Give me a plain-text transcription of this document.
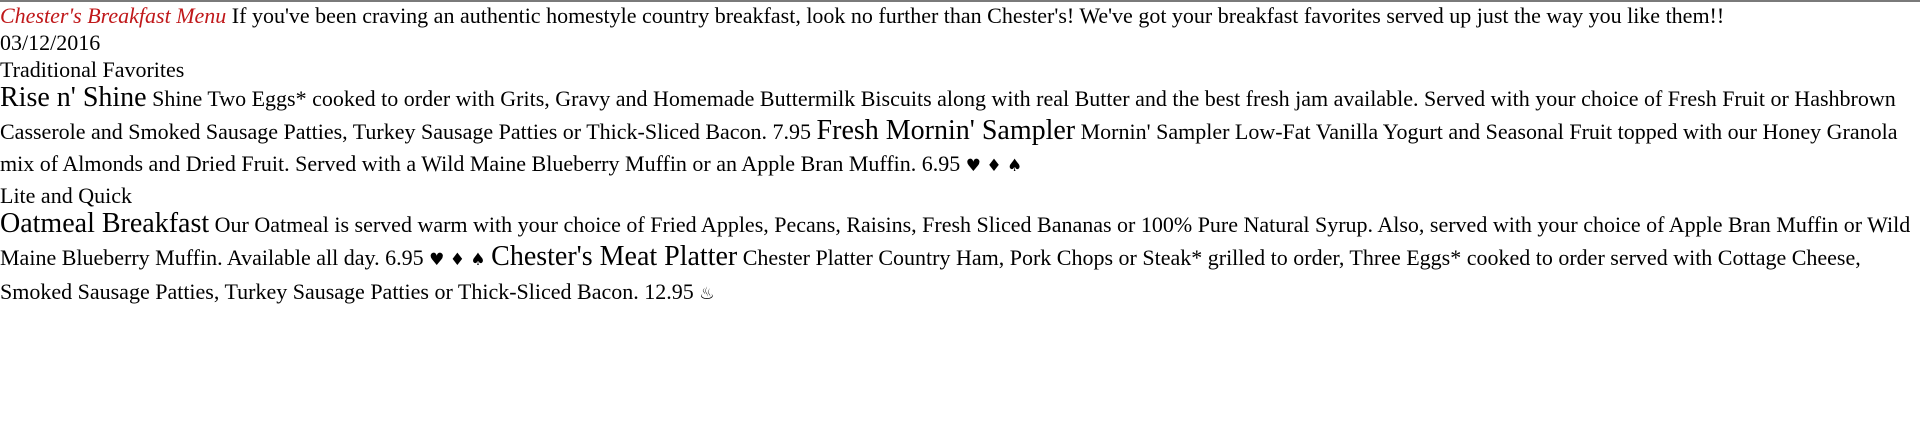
Chester's Breakfast Menu If you've been craving an authentic homestyle country breakfast, look no further than Chester's! We've got your breakfast favorites served up just the way you like them!!
03/12/2016
Traditional Favorites
Rise n' Shine Shine Two Eggs* cooked to order with Grits, Gravy and Homemade Buttermilk Biscuits along with real Butter and the best fresh jam available. Served with your choice of Fresh Fruit or Hashbrown Casserole and Smoked Sausage Patties, Turkey Sausage Patties or Thick-Sliced Bacon. 7.95 Fresh Mornin' Sampler Mornin' Sampler Low-Fat Vanilla Yogurt and Seasonal Fruit topped with our Honey Granola mix of Almonds and Dried Fruit. Served with a Wild Maine Blueberry Muffin or an Apple Bran Muffin. 6.95 ♥ ♦ ♠
Lite and Quick
Oatmeal Breakfast Our Oatmeal is served warm with your choice of Fried Apples, Pecans, Raisins, Fresh Sliced Bananas or 100% Pure Natural Syrup. Also, served with your choice of Apple Bran Muffin or Wild Maine Blueberry Muffin. Available all day. 6.95 ♥ ♦ ♠ Chester's Meat Platter Chester Platter Country Ham, Pork Chops or Steak* grilled to order, Three Eggs* cooked to order served with Cottage Cheese, Smoked Sausage Patties, Turkey Sausage Patties or Thick-Sliced Bacon. 12.95 ♨
